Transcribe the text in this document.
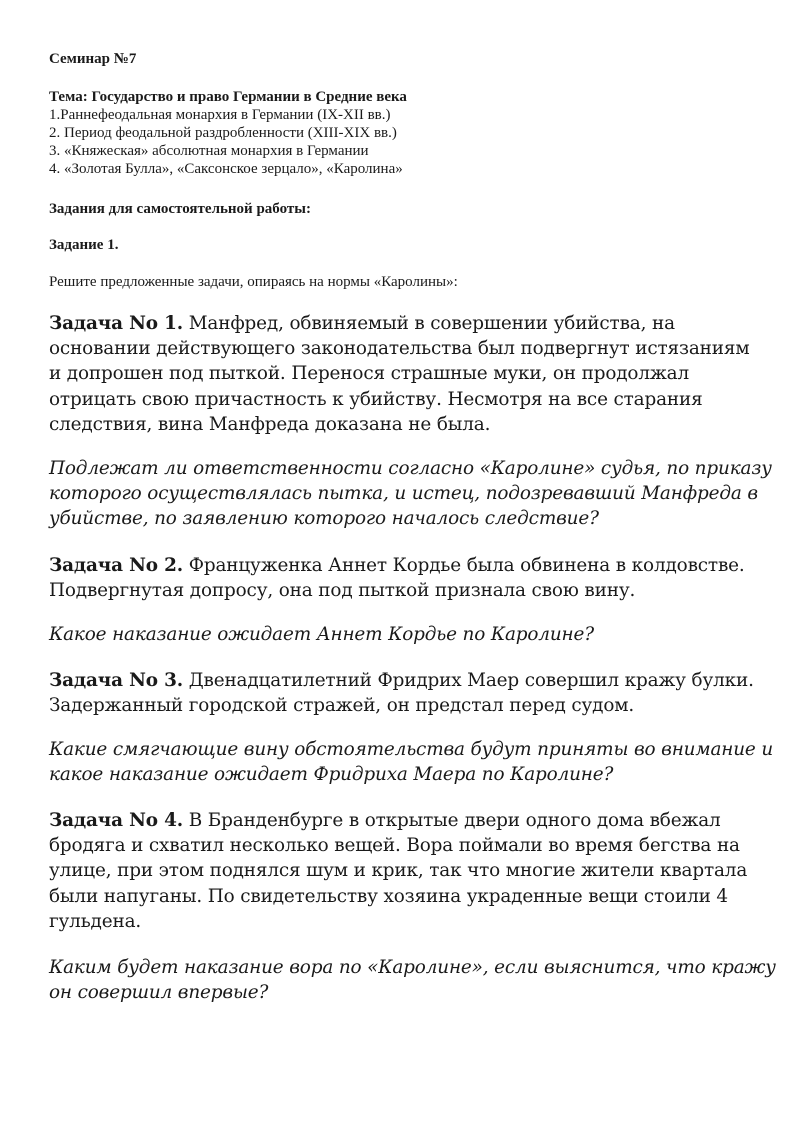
Семинар №7

Тема: Государство и право Германии в Средние века

1.Раннефеодальная монархия в Германии (IX-XII вв.)

2. Период феодальной раздробленности (XIII-XIX вв.)

3. «Княжеская» абсолютная монархия в Германии

4. «Золотая Булла», «Саксонское зерцало», «Каролина»

Задания для самостоятельной работы:

Задание 1.

Решите предложенные задачи, опираясь на нормы «Каролины»:

Задача No 1. Манфред, обвиняемый в совершении убийства, на
основании действующего законодательства был подвергнут истязаниям
и допрошен под пыткой. Перенося страшные муки, он продолжал
отрицать свою причастность к убийству. Несмотря на все старания
следствия, вина Манфреда доказана не была.
Подлежат ли ответственности согласно «Каролине» судья, по приказу
которого осуществлялась пытка, и истец, подозревавший Манфреда в
убийстве, по заявлению которого началось следствие?
Задача No 2. Француженка Аннет Кордье была обвинена в колдовстве.
Подвергнутая допросу, она под пыткой признала свою вину.
Какое наказание ожидает Аннет Кордье по Каролине?
Задача No 3. Двенадцатилетний Фридрих Маер совершил кражу булки.
Задержанный городской стражей, он предстал перед судом.
Какие смягчающие вину обстоятельства будут приняты во внимание и
какое наказание ожидает Фридриха Маера по Каролине?
Задача No 4. В Бранденбурге в открытые двери одного дома вбежал
бродяга и схватил несколько вещей. Вора поймали во время бегства на
улице, при этом поднялся шум и крик, так что многие жители квартала
были напуганы. По свидетельству хозяина украденные вещи стоили 4
гульдена.
Каким будет наказание вора по «Каролине», если выяснится, что кражу
он совершил впервые?
